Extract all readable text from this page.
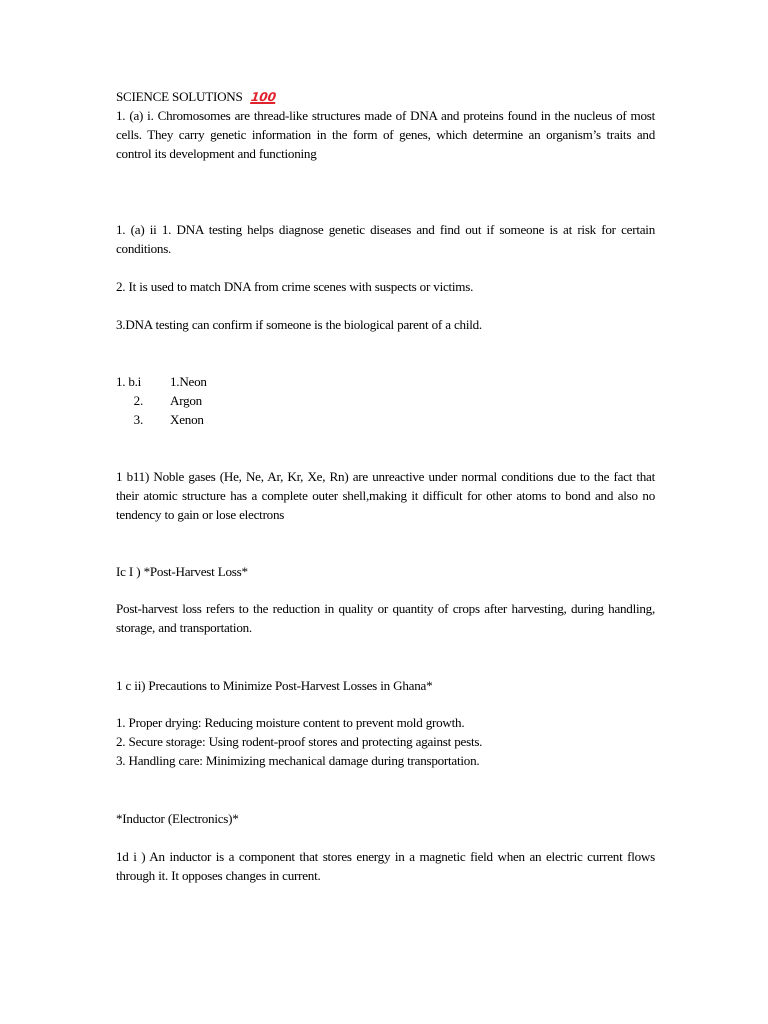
SCIENCE SOLUTIONS 100

1. (a) i. Chromosomes are thread-like structures made of DNA and proteins found in the nucleus of most cells. They carry genetic information in the form of genes, which determine an organism’s traits and control its development and functioning

1. (a) ii 1. DNA testing helps diagnose genetic diseases and find out if someone is at risk for certain conditions.

2. It is used to match DNA from crime scenes with suspects or victims.

3.DNA testing can confirm if someone is the biological parent of a child.

1. b.i	1. Neon
2. Argon
3. Xenon

1 b11) Noble gases (He, Ne, Ar, Kr, Xe, Rn) are unreactive under normal conditions due to the fact that their atomic structure has a complete outer shell,making it difficult for other atoms to bond and also no tendency to gain or lose electrons

Ic I ) *Post-Harvest Loss*

Post-harvest loss refers to the reduction in quality or quantity of crops after harvesting, during handling, storage, and transportation.

1 c ii) Precautions to Minimize Post-Harvest Losses in Ghana*

1. Proper drying: Reducing moisture content to prevent mold growth.

2. Secure storage: Using rodent-proof stores and protecting against pests.

3. Handling care: Minimizing mechanical damage during transportation.

*Inductor (Electronics)*

1d i ) An inductor is a component that stores energy in a magnetic field when an electric current flows through it. It opposes changes in current.
